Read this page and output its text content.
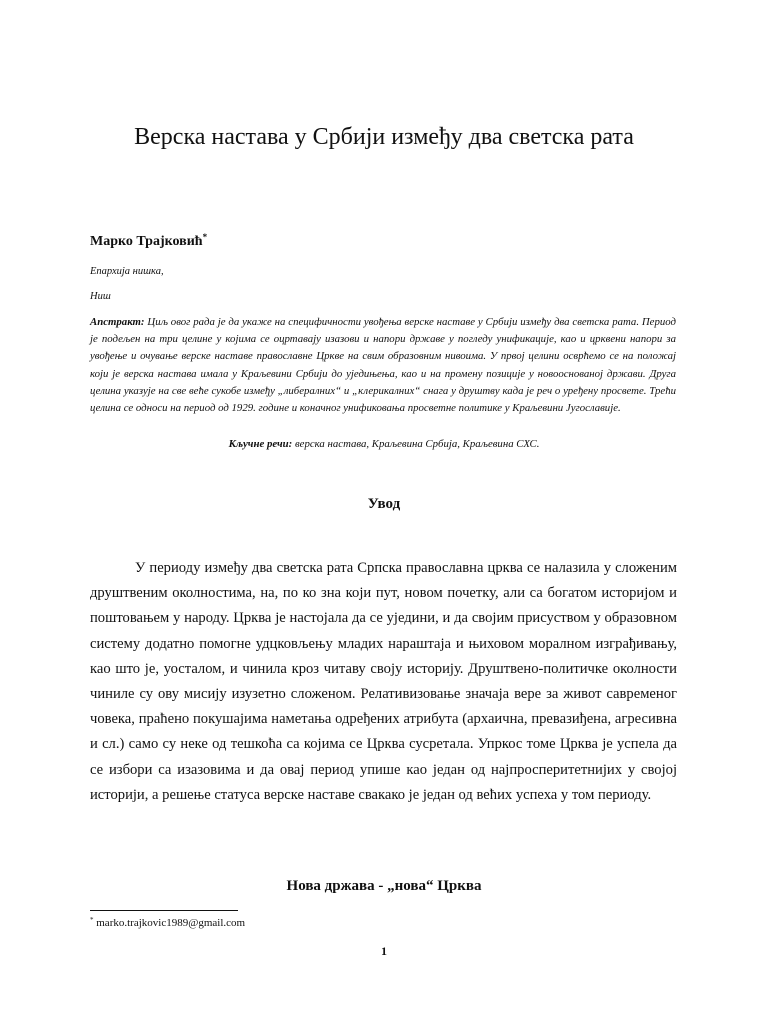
Верска настава у Србији између два светска рата
Марко Трајковић*
Епархија нишка,
Ниш

Апстракт: Циљ овог рада је да укаже на специфичности увођења верске наставе у Србији између два светска рата. Период је подељен на три целине у којима се оцртавају изазови и напори државе у погледу унификације, као и црквени напори за увођење и очување верске наставе православне Цркве на свим образовним нивоима. У првој целини осврћемо се на положај који је верска настава имала у Краљевини Србији до уједињења, као и на промену позиције у новооснованој држави. Друга целина указује на све веће сукобе између „либералних“ и „клерикалних“ снага у друштву када је реч о уређену просвете. Трећи целина се односи на период од 1929. године и коначног унификовања просветне политике у Краљевини Југославије.

Кључне речи: верска настава, Краљевина Србија, Краљевина СХС.
Увод

У периоду између два светска рата Српска православна црква се налазила у сложеним друштвеним околностима, на, по ко зна који пут, новом почетку, али са богатом историјом и поштовањем у народу. Црква је настојала да се уједини, и да својим присуством у образовном систему додатно помогне удцковљењу младих нараштаја и њиховом моралном изграђивању, као што је, уосталом, и чинила кроз читаву своју историју. Друштвено-политичке околности чиниле су ову мисију изузетно сложеном. Релативизовање значаја вере за живот савременог човека, праћено покушајима наметања одређених атрибута (архаична, превазиђена, агресивна и сл.) само су неке од тешкоћа са којима се Црква сусретала. Упркос томе Црква је успела да се избори са изазовима и да овај период упише као један од најпросперитетнијих у својој историји, а решење статуса верске наставе свакако је један од већих успеха у том периоду.

Нова држава - „нова“ Црква
* marko.trajkovic1989@gmail.com
1
